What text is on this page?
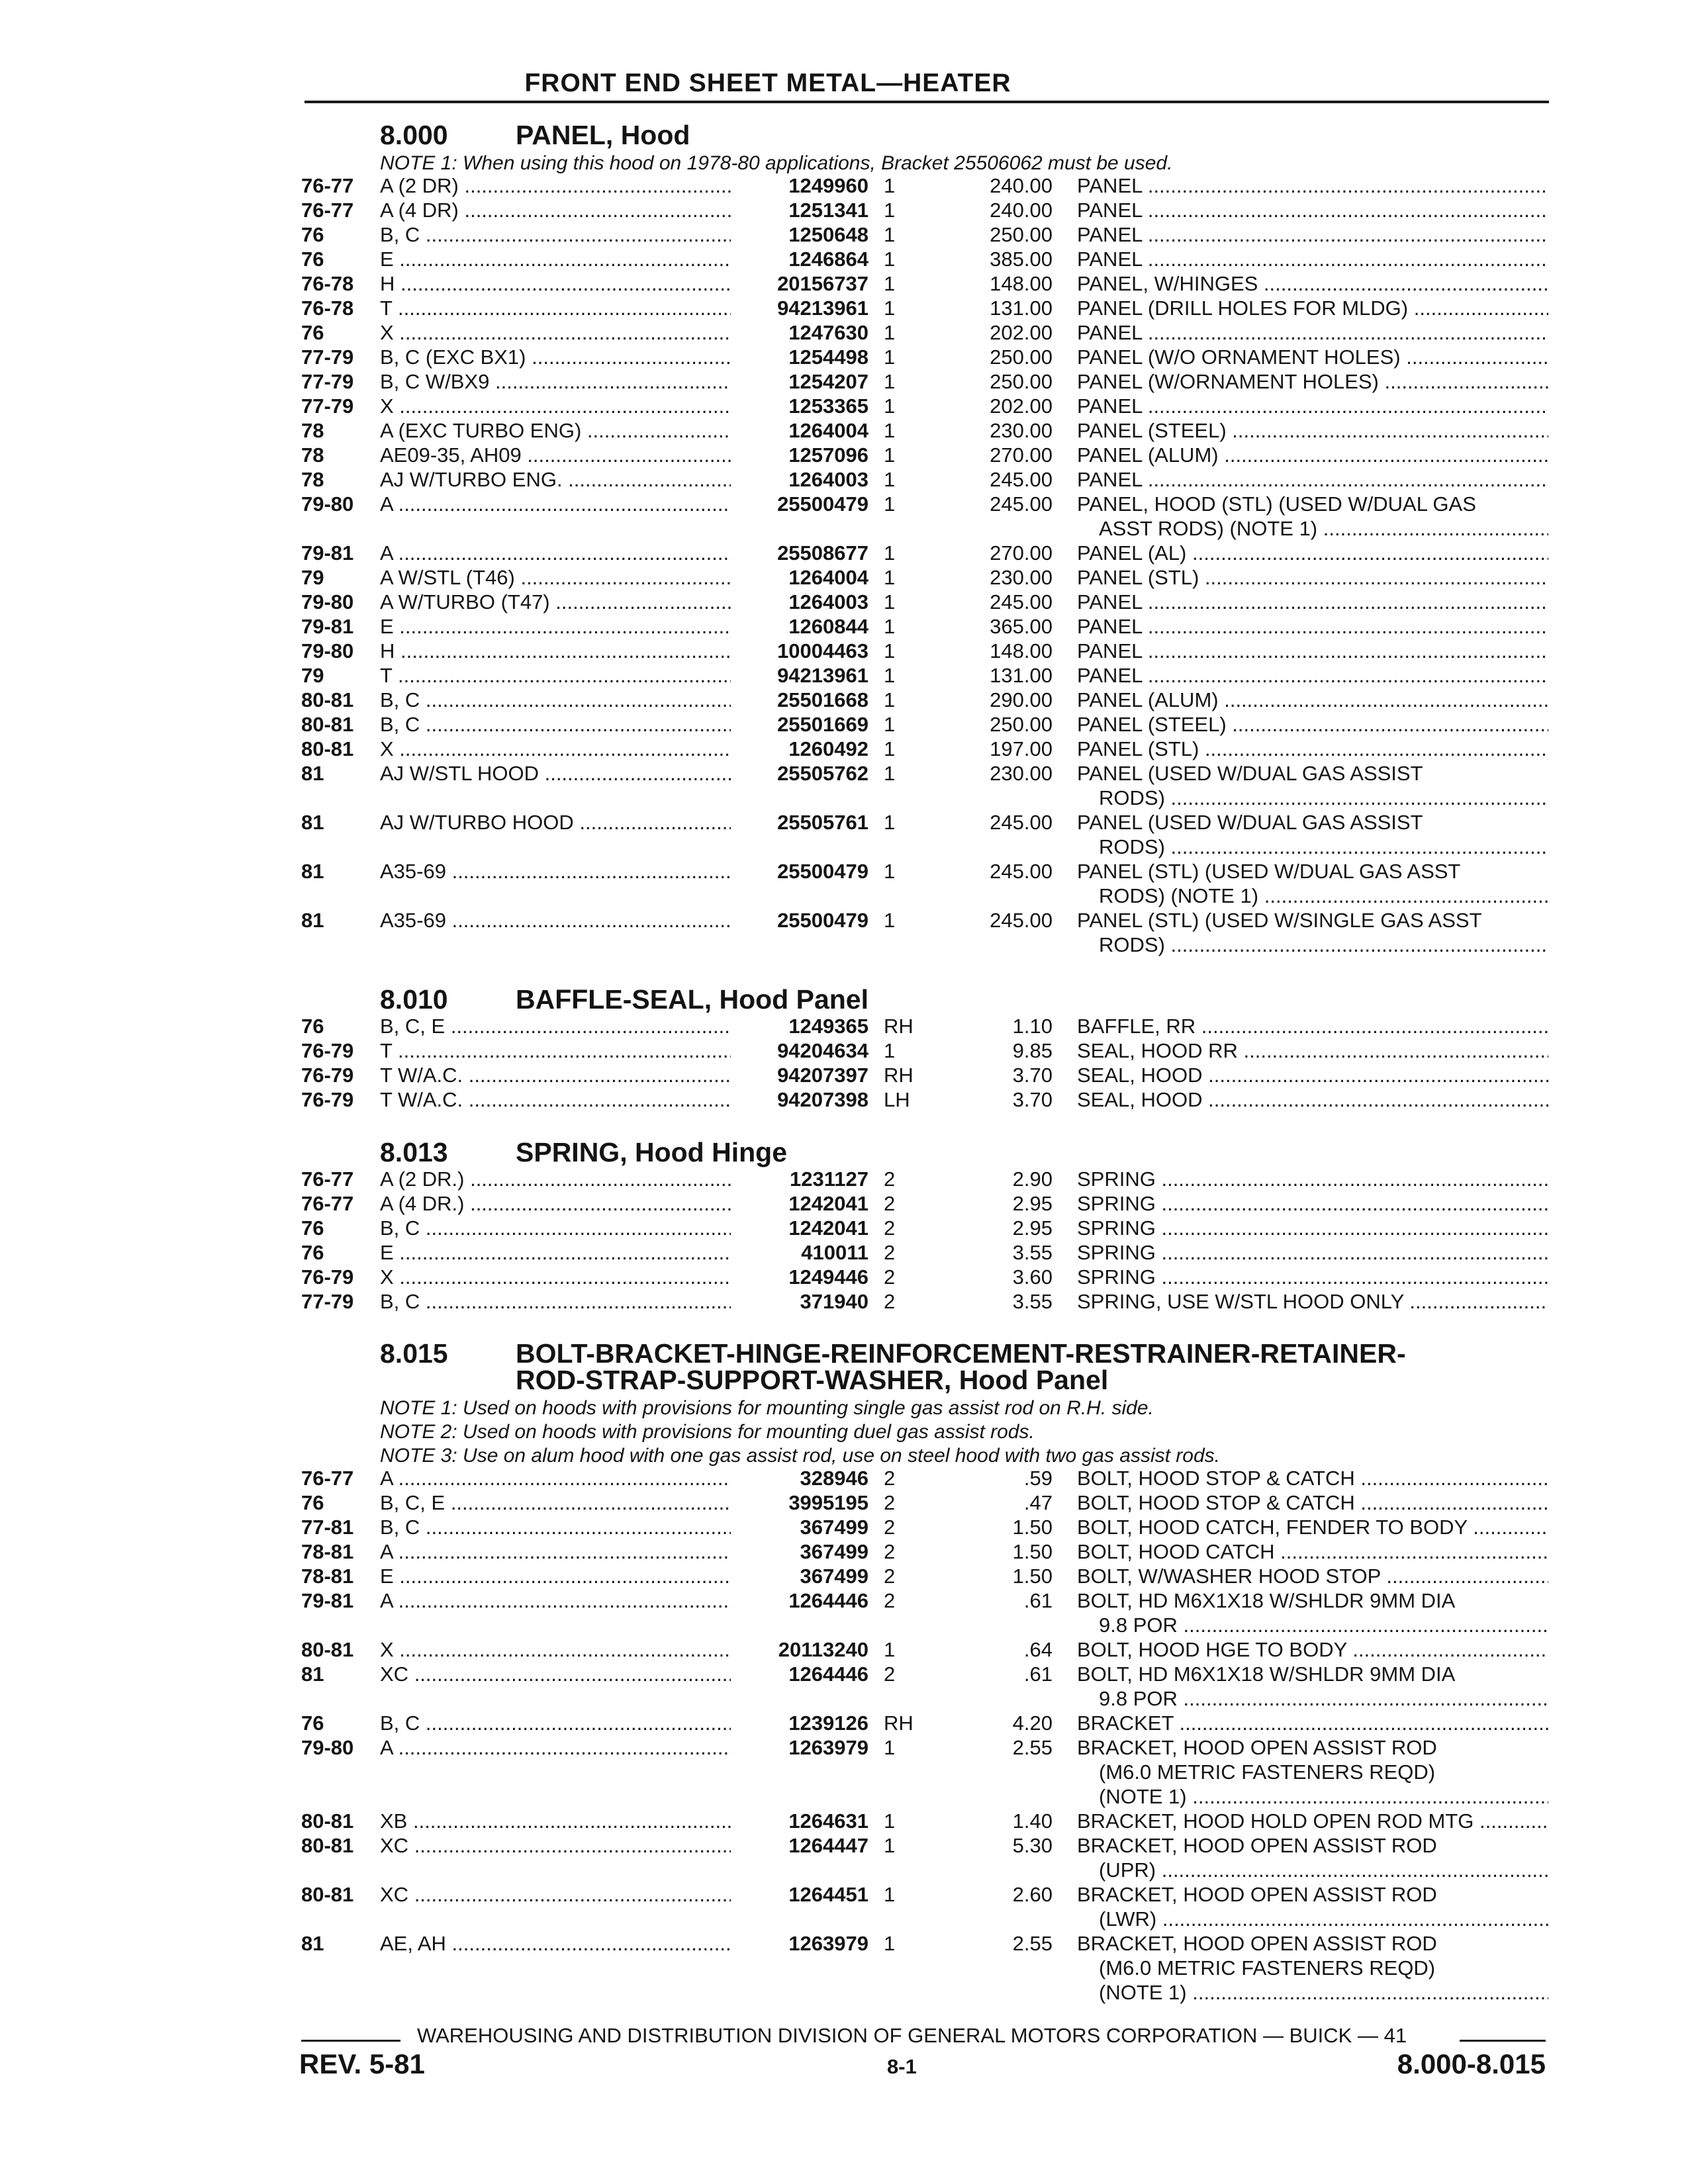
FRONT END SHEET METAL—HEATER
8.000 PANEL, Hood
NOTE 1: When using this hood on 1978-80 applications, Bracket 25506062 must be used.
76-77 A (2 DR) .....	1249960 1	240.00 PANEL .....
76-77 A (4 DR) .....	1251341 1	240.00 PANEL .....
76	B, C .....	1250648 1	250.00 PANEL .....
76	E .....	1246864 1	385.00 PANEL .....
76-78 H .....	20156737 1	148.00 PANEL, W/HINGES .....
76-78 T .....	94213961 1	131.00 PANEL (DRILL HOLES FOR MLDG) .....
76	X .....	1247630 1	202.00 PANEL .....
77-79 B, C (EXC BX1) .....	1254498 1	250.00 PANEL (W/O ORNAMENT HOLES) .....
77-79 B, C W/BX9 .....	1254207 1	250.00 PANEL (W/ORNAMENT HOLES) .....
77-79 X .....	1253365 1	202.00 PANEL .....
78	A (EXC TURBO ENG) .....	1264004 1	230.00 PANEL (STEEL) .....
78	AE09-35, AH09 .....	1257096 1	270.00 PANEL (ALUM) .....
78	AJ W/TURBO ENG. .....	1264003 1	245.00 PANEL .....
79-80 A .....	25500479 1	245.00 PANEL, HOOD (STL) (USED W/DUAL GAS
ASST RODS) (NOTE 1) .....
79-81 A .....	25508677 1	270.00 PANEL (AL) .....
79	A W/STL (T46) .....	1264004 1	230.00 PANEL (STL) .....
79-80 A W/TURBO (T47) .....	1264003 1	245.00 PANEL .....
79-81 E .....	1260844 1	365.00 PANEL .....
79-80 H .....	10004463 1	148.00 PANEL .....
79	T .....	94213961 1	131.00 PANEL .....
80-81 B, C .....	25501668 1	290.00 PANEL (ALUM) .....
80-81 B, C .....	25501669 1	250.00 PANEL (STEEL) .....
80-81 X .....	1260492 1	197.00 PANEL (STL) .....
81	AJ W/STL HOOD .....	25505762 1	230.00 PANEL (USED W/DUAL GAS ASSIST
RODS) .....
81	AJ W/TURBO HOOD .....	25505761 1	245.00 PANEL (USED W/DUAL GAS ASSIST
RODS) .....
81	A35-69 .....	25500479 1	245.00 PANEL (STL) (USED W/DUAL GAS ASST
RODS) (NOTE 1) .....
81	A35-69 .....	25500479 1	245.00 PANEL (STL) (USED W/SINGLE GAS ASST
RODS) .....
8.010 BAFFLE-SEAL, Hood Panel
76	B, C, E .....	1249365 RH	1.10 BAFFLE, RR .....
76-79 T .....	94204634 1	9.85 SEAL, HOOD RR .....
76-79 T W/A.C. .....	94207397 RH	3.70 SEAL, HOOD .....
76-79 T W/A.C. .....	94207398 LH	3.70 SEAL, HOOD .....
8.013 SPRING, Hood Hinge
76-77 A (2 DR.) .....	1231127 2	2.90 SPRING .....
76-77 A (4 DR.) .....	1242041 2	2.95 SPRING .....
76	B, C .....	1242041 2	2.95 SPRING .....
76	E .....	410011 2	3.55 SPRING .....
76-79 X .....	1249446 2	3.60 SPRING .....
77-79 B, C .....	371940 2	3.55 SPRING, USE W/STL HOOD ONLY .....
8.015 BOLT-BRACKET-HINGE-REINFORCEMENT-RESTRAINER-RETAINER-
ROD-STRAP-SUPPORT-WASHER, Hood Panel
NOTE 1: Used on hoods with provisions for mounting single gas assist rod on R.H. side.
NOTE 2: Used on hoods with provisions for mounting duel gas assist rods.
NOTE 3: Use on alum hood with one gas assist rod, use on steel hood with two gas assist rods.
76-77 A .....	328946 2	.59 BOLT, HOOD STOP & CATCH .....
76	B, C, E .....	3995195 2	.47 BOLT, HOOD STOP & CATCH .....
77-81 B, C .....	367499 2	1.50 BOLT, HOOD CATCH, FENDER TO BODY .....
78-81 A .....	367499 2	1.50 BOLT, HOOD CATCH .....
78-81 E .....	367499 2	1.50 BOLT, W/WASHER HOOD STOP .....
79-81 A .....	1264446 2	.61 BOLT, HD M6X1X18 W/SHLDR 9MM DIA
9.8 POR .....
80-81 X .....	20113240 1	.64 BOLT, HOOD HGE TO BODY .....
81	XC .....	1264446 2	.61 BOLT, HD M6X1X18 W/SHLDR 9MM DIA
9.8 POR .....
76	B, C .....	1239126 RH	4.20 BRACKET .....
79-80 A .....	1263979 1	2.55 BRACKET, HOOD OPEN ASSIST ROD
(M6.0 METRIC FASTENERS REQD)
(NOTE 1) .....
80-81 XB .....	1264631 1	1.40 BRACKET, HOOD HOLD OPEN ROD MTG .....
80-81 XC .....	1264447 1	5.30 BRACKET, HOOD OPEN ASSIST ROD
(UPR) .....
80-81 XC .....	1264451 1	2.60 BRACKET, HOOD OPEN ASSIST ROD
(LWR) .....
81	AE, AH .....	1263979 1	2.55 BRACKET, HOOD OPEN ASSIST ROD
(M6.0 METRIC FASTENERS REQD)
(NOTE 1) .....
WAREHOUSING AND DISTRIBUTION DIVISION OF GENERAL MOTORS CORPORATION — BUICK — 41
REV. 5-81	8-1	8.000-8.015
